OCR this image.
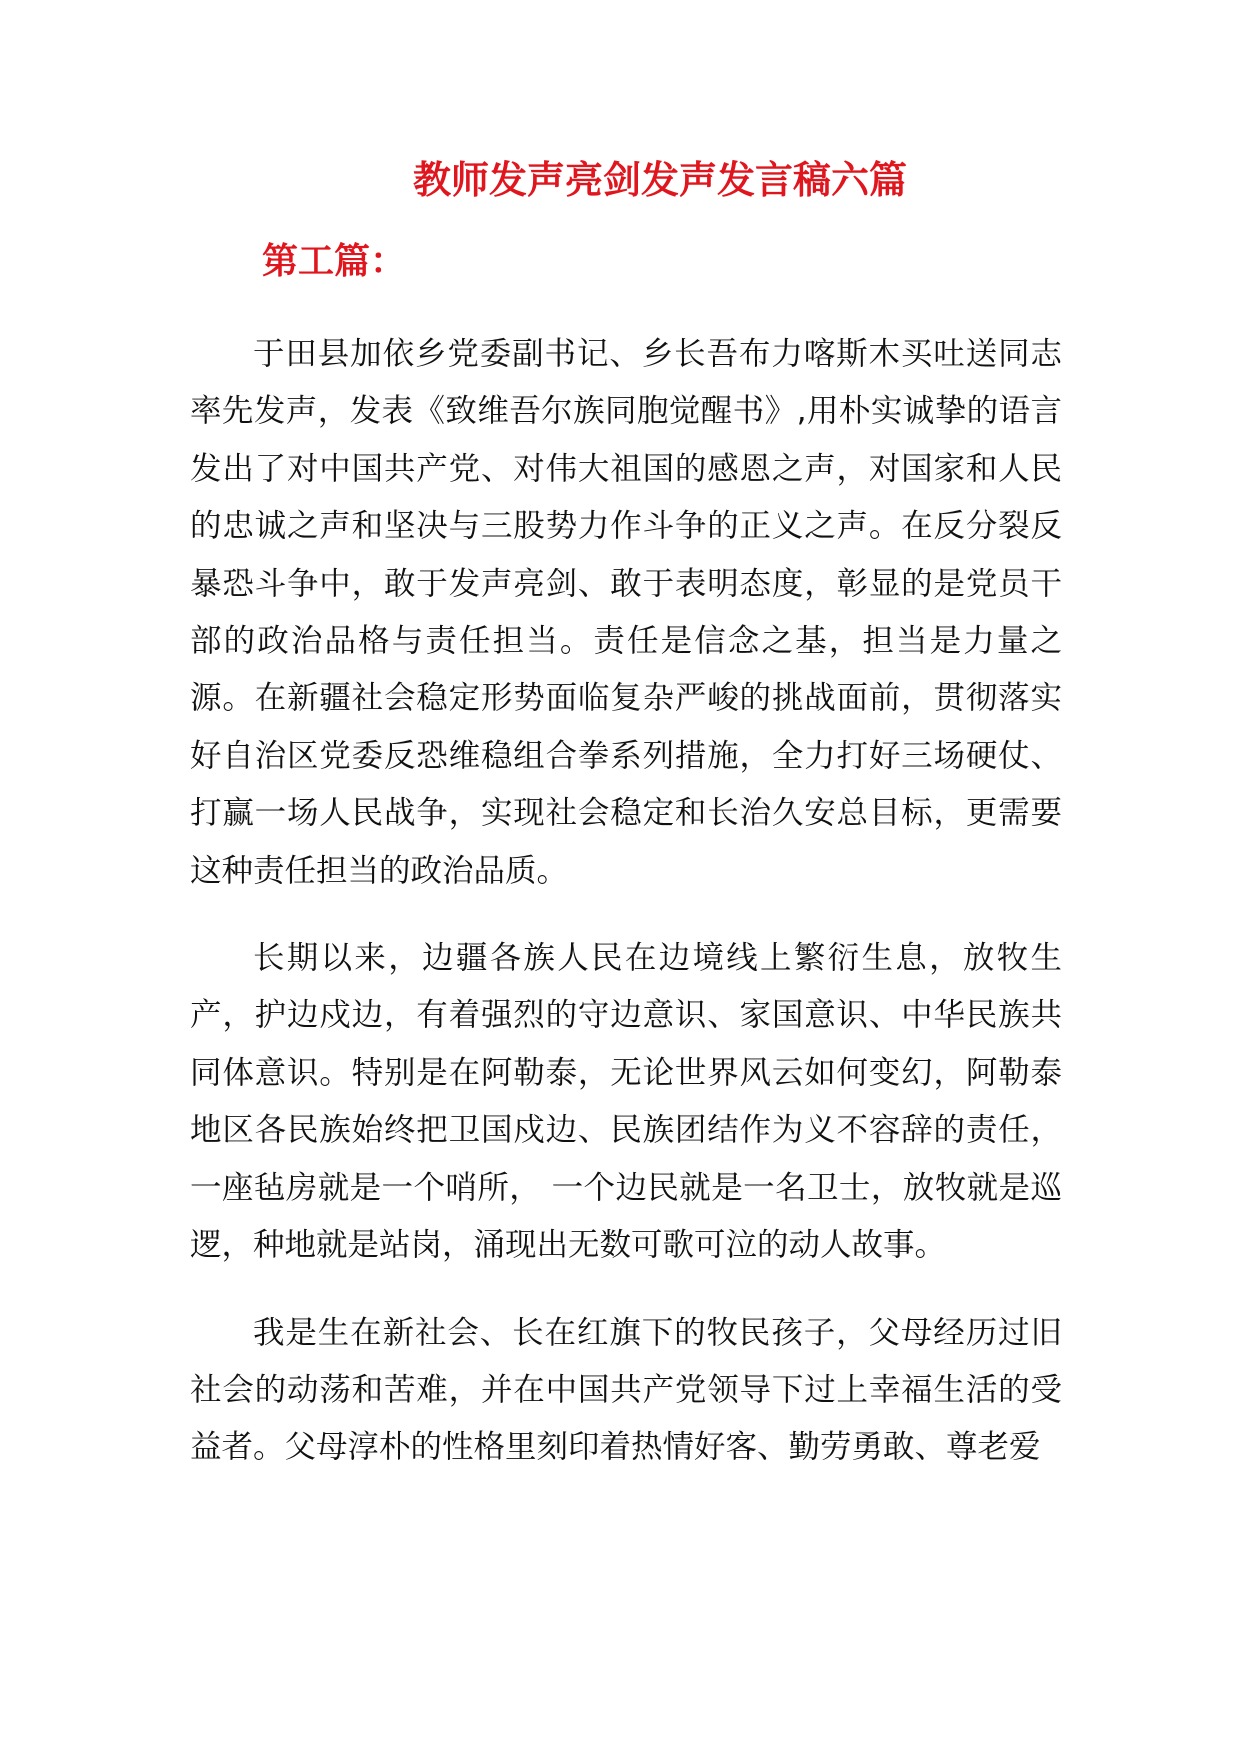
教师发声亮剑发声发言稿六篇
第工篇：

于田县加依乡党委副书记、乡长吾布力喀斯木买吐送同志率先发声，发表《致维吾尔族同胞觉醒书》,用朴实诚挚的语言发出了对中国共产党、对伟大祖国的感恩之声，对国家和人民的忠诚之声和坚决与三股势力作斗争的正义之声。在反分裂反暴恐斗争中，敢于发声亮剑、敢于表明态度，彰显的是党员干部的政治品格与责任担当。责任是信念之基，担当是力量之源。在新疆社会稳定形势面临复杂严峻的挑战面前，贯彻落实好自治区党委反恐维稳组合拳系列措施，全力打好三场硬仗、打赢一场人民战争，实现社会稳定和长治久安总目标，更需要这种责任担当的政治品质。

长期以来，边疆各族人民在边境线上繁衍生息，放牧生产，护边戍边，有着强烈的守边意识、家国意识、中华民族共同体意识。特别是在阿勒泰，无论世界风云如何变幻，阿勒泰地区各民族始终把卫国戍边、民族团结作为义不容辞的责任， 一座毡房就是一个哨所， 一个边民就是一名卫士，放牧就是巡逻，种地就是站岗，涌现出无数可歌可泣的动人故事。

我是生在新社会、长在红旗下的牧民孩子，父母经历过旧社会的动荡和苦难，并在中国共产党领导下过上幸福生活的受益者。父母淳朴的性格里刻印着热情好客、勤劳勇敢、尊老爱
